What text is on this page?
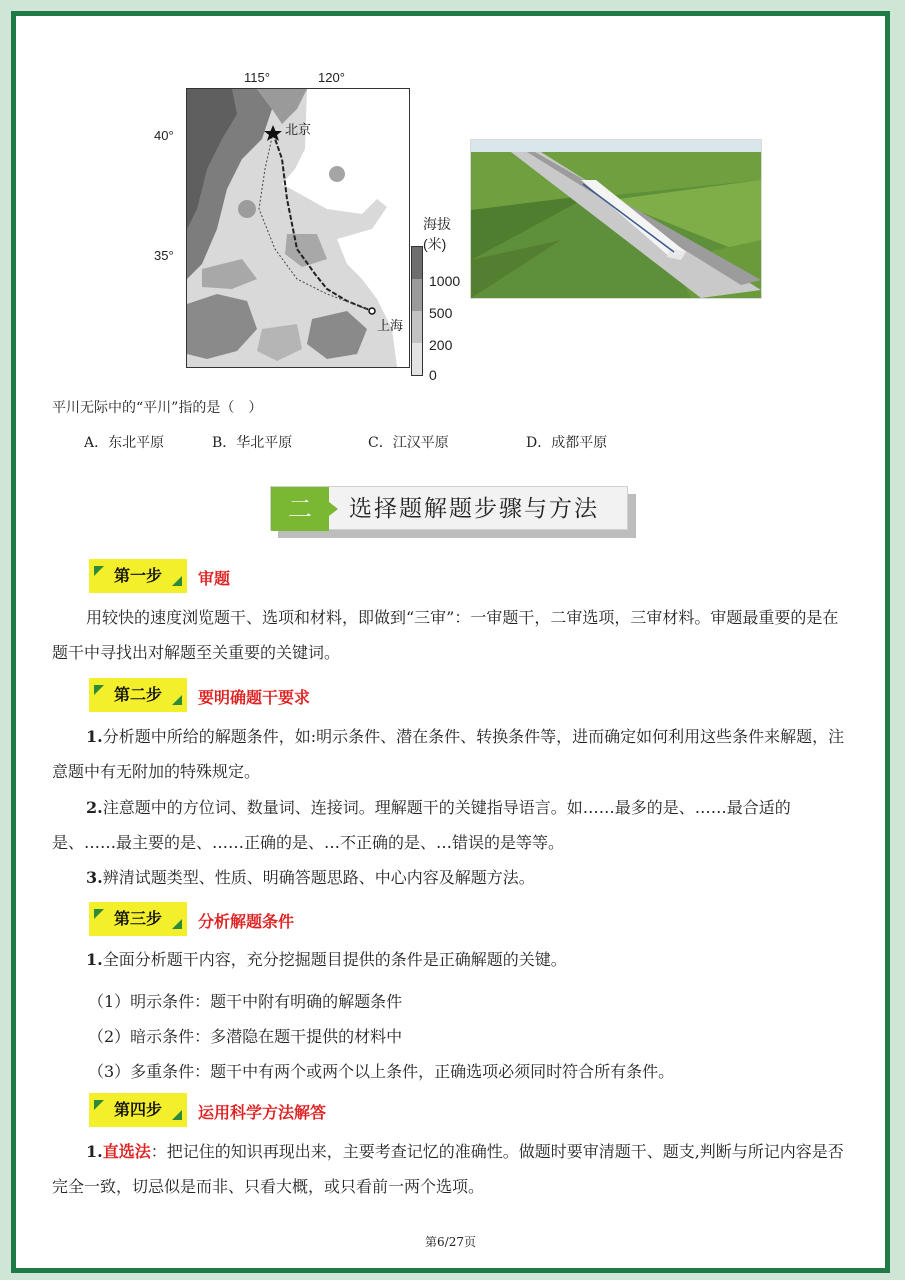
115°	120°
40°
35°
北京
上海
海拔
(米)
1000
500
200
0
平川无际中的“平川”指的是（　）
A．东北平原	B．华北平原	C．江汉平原	D．成都平原
二	选择题解题步骤与方法
第一步	审题
用较快的速度浏览题干、选项和材料，即做到“三审”：一审题干，二审选项，三审材料。审题最重要的是在题干中寻找出对解题至关重要的关键词。
第二步	要明确题干要求
1.分析题中所给的解题条件，如:明示条件、潜在条件、转换条件等，进而确定如何利用这些条件来解题，注意题中有无附加的特殊规定。
2.注意题中的方位词、数量词、连接词。理解题干的关键指导语言。如……最多的是、……最合适的是、……最主要的是、……正确的是、…不正确的是、…错误的是等等。
3.辨清试题类型、性质、明确答题思路、中心内容及解题方法。
第三步	分析解题条件
1.全面分析题干内容，充分挖掘题目提供的条件是正确解题的关键。
（1）明示条件：题干中附有明确的解题条件
（2）暗示条件：多潜隐在题干提供的材料中
（3）多重条件：题干中有两个或两个以上条件，正确选项必须同时符合所有条件。
第四步	运用科学方法解答
1.直选法：把记住的知识再现出来，主要考查记忆的准确性。做题时要审清题干、题支,判断与所记内容是否完全一致，切忌似是而非、只看大概，或只看前一两个选项。
第6/27页
